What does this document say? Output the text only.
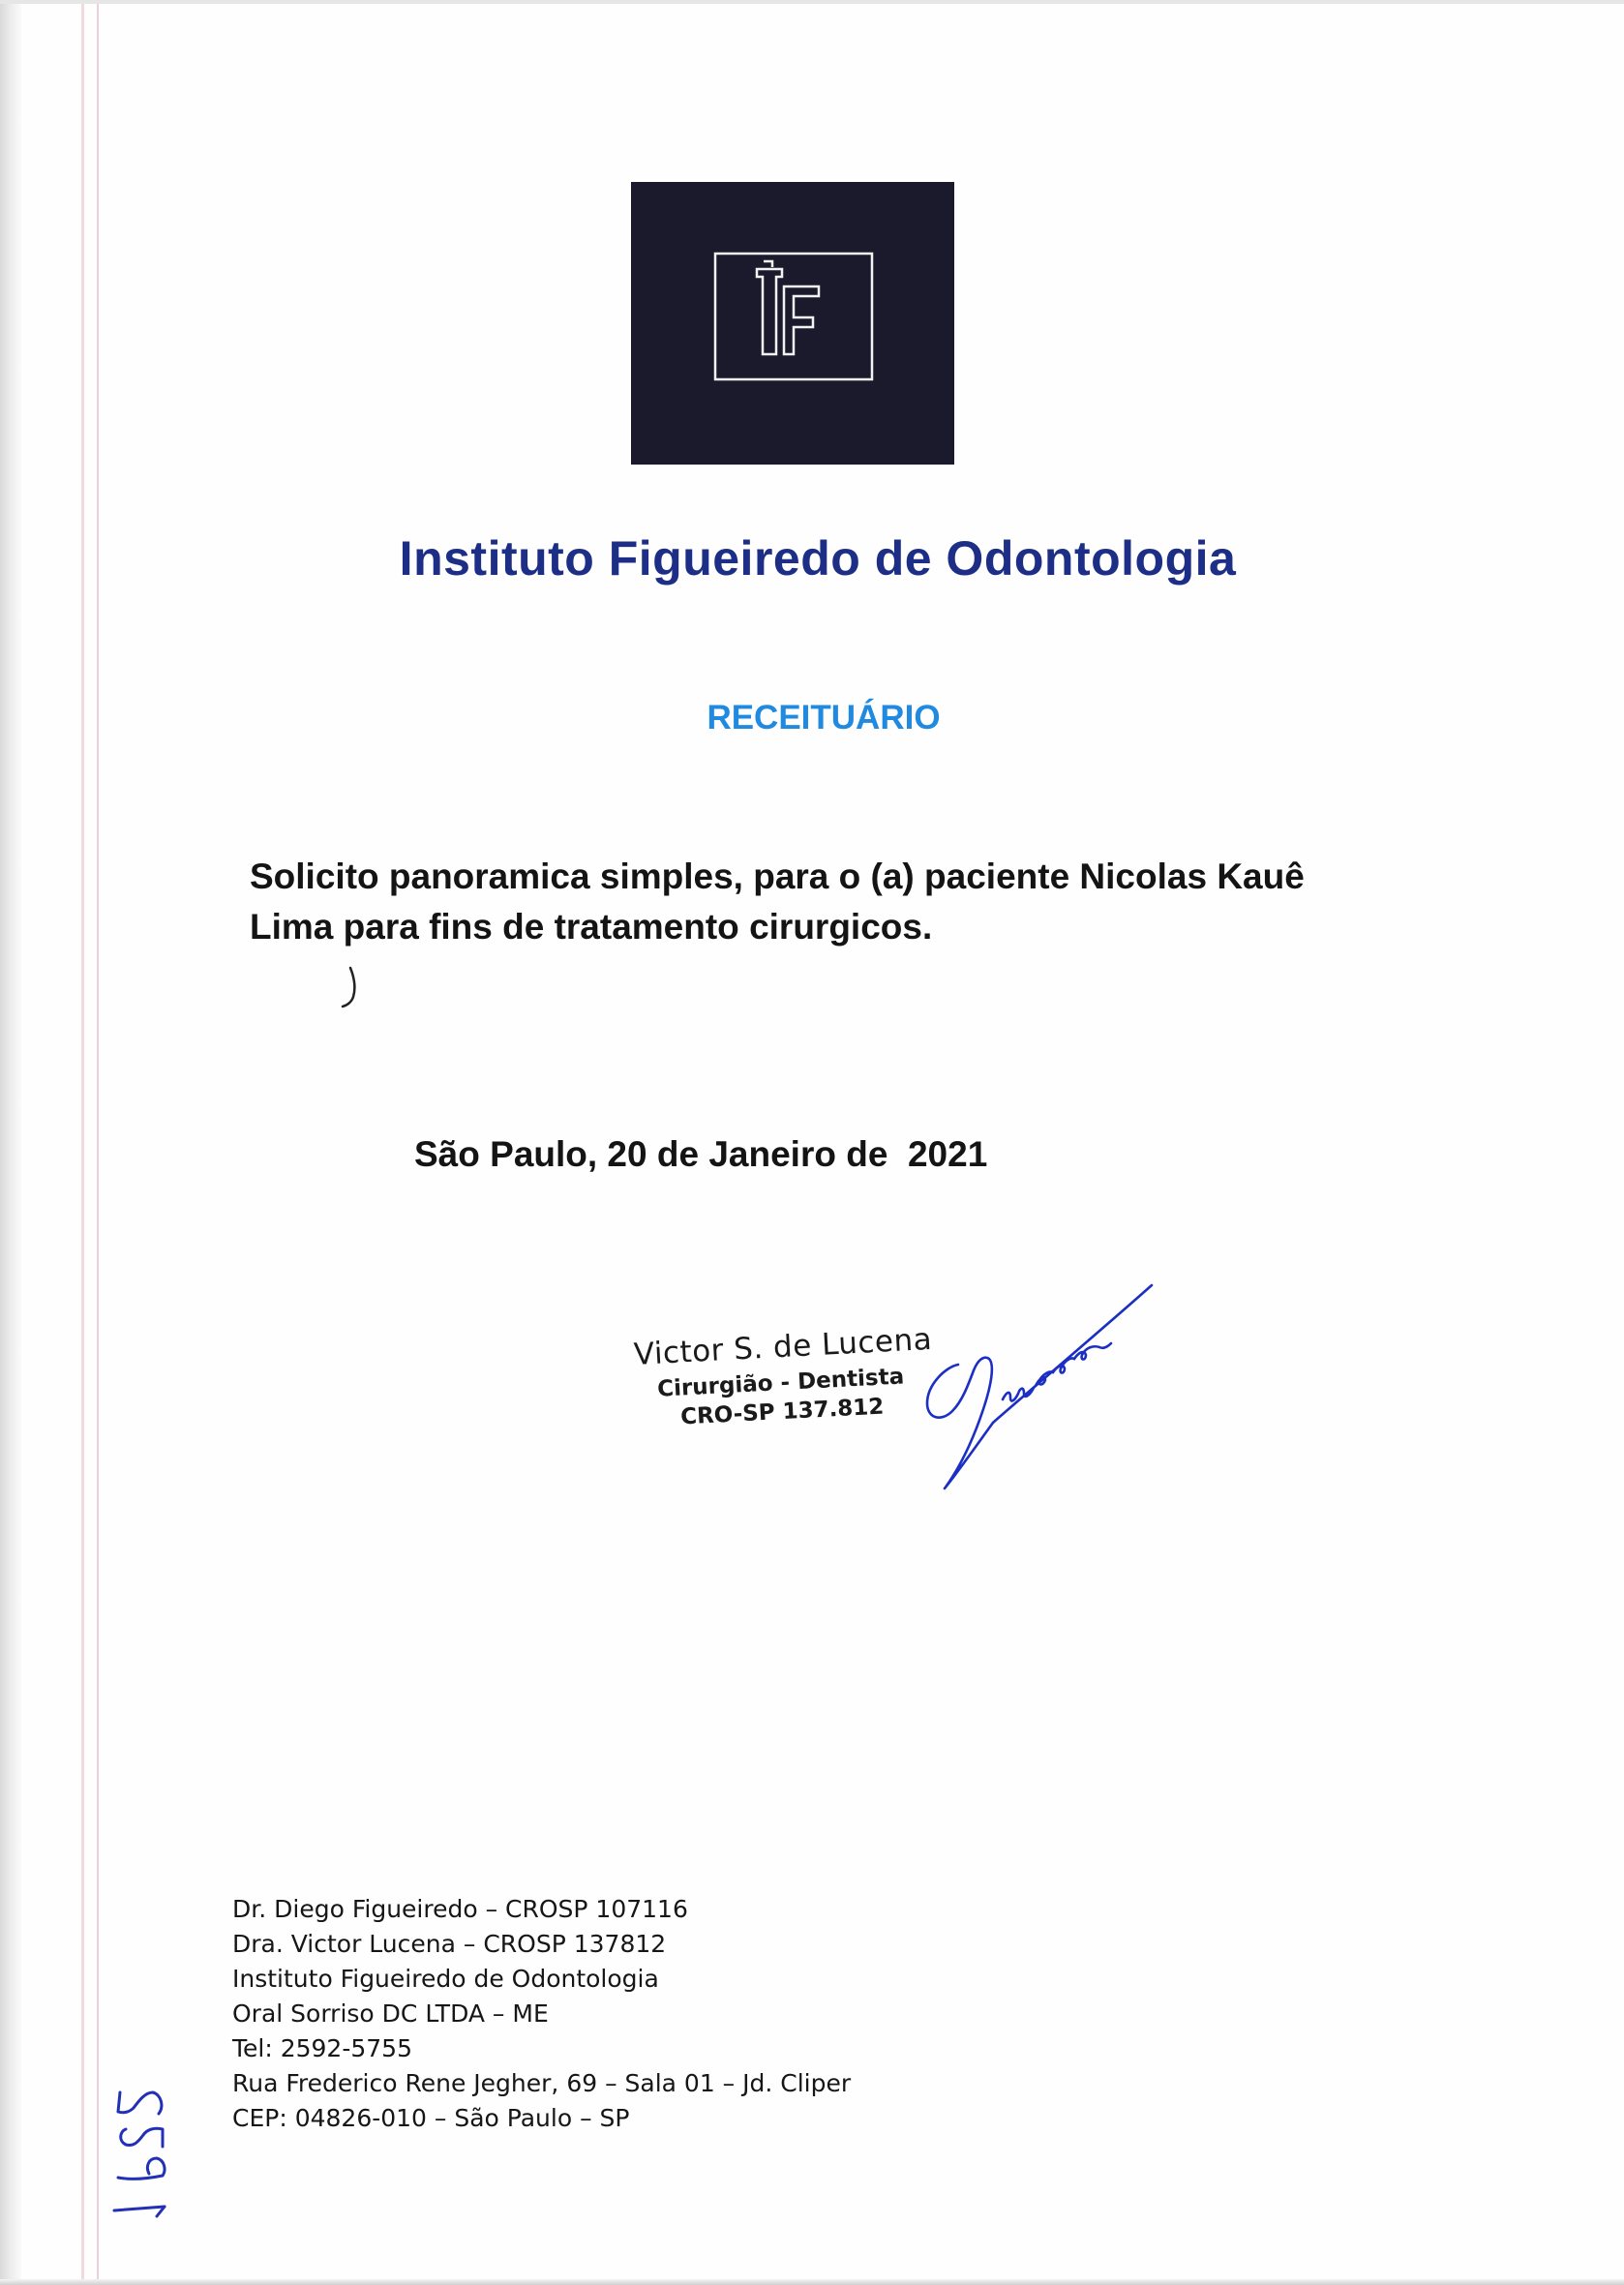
Instituto Figueiredo de Odontologia
RECEITUÁRIO
Solicito panoramica simples, para o (a) paciente Nicolas Kauê
Lima para fins de tratamento cirurgicos.
São Paulo, 20 de Janeiro de  2021
Victor S. de Lucena
Cirurgião - Dentista
CRO-SP 137.812
Dr. Diego Figueiredo – CROSP 107116
Dra. Victor Lucena – CROSP 137812
Instituto Figueiredo de Odontologia
Oral Sorriso DC LTDA – ME
Tel: 2592-5755
Rua Frederico Rene Jegher, 69 – Sala 01 – Jd. Cliper
CEP: 04826-010 – São Paulo – SP
